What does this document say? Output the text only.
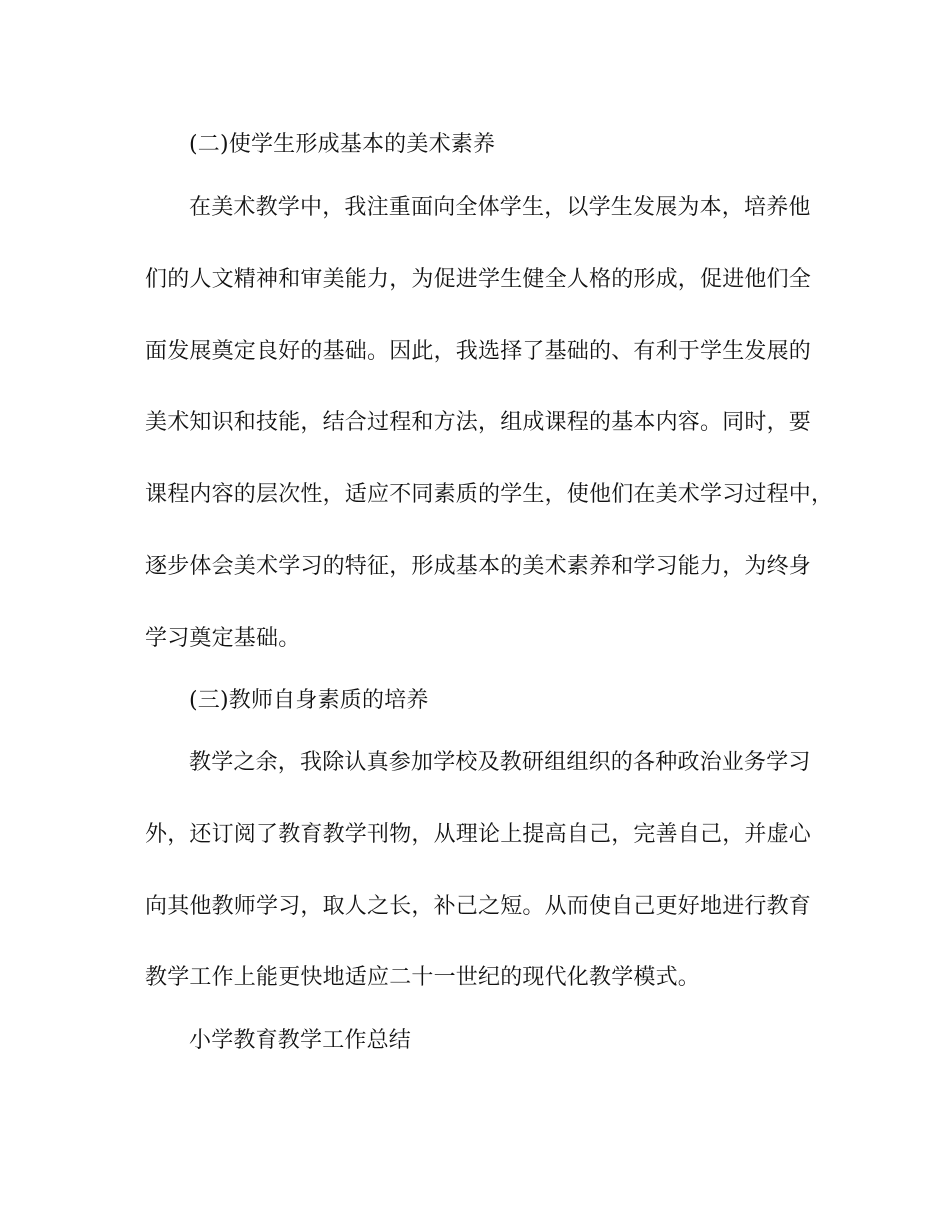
(二)使学生形成基本的美术素养
在美术教学中，我注重面向全体学生，以学生发展为本，培养他
们的人文精神和审美能力，为促进学生健全人格的形成，促进他们全
面发展奠定良好的基础。因此，我选择了基础的、有利于学生发展的
美术知识和技能，结合过程和方法，组成课程的基本内容。同时，要
课程内容的层次性，适应不同素质的学生，使他们在美术学习过程中，
逐步体会美术学习的特征，形成基本的美术素养和学习能力，为终身
学习奠定基础。
(三)教师自身素质的培养
教学之余，我除认真参加学校及教研组组织的各种政治业务学习
外，还订阅了教育教学刊物，从理论上提高自己，完善自己，并虚心
向其他教师学习，取人之长，补己之短。从而使自己更好地进行教育
教学工作上能更快地适应二十一世纪的现代化教学模式。
小学教育教学工作总结
